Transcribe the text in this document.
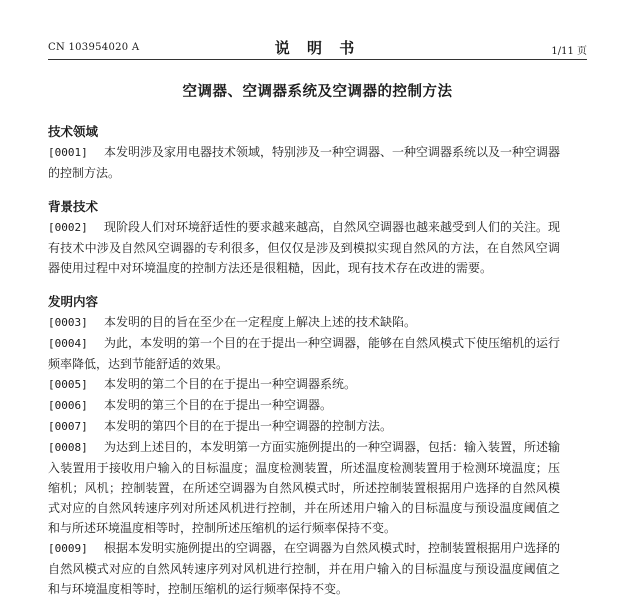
CN 103954020 A	说 明 书	1/11 页
空调器、空调器系统及空调器的控制方法
技术领域
[0001] 本发明涉及家用电器技术领域，特别涉及一种空调器、一种空调器系统以及一种空调器的控制方法。
背景技术
[0002] 现阶段人们对环境舒适性的要求越来越高，自然风空调器也越来越受到人们的关注。现有技术中涉及自然风空调器的专利很多，但仅仅是涉及到模拟实现自然风的方法，在自然风空调器使用过程中对环境温度的控制方法还是很粗糙，因此，现有技术存在改进的需要。
发明内容
[0003] 本发明的目的旨在至少在一定程度上解决上述的技术缺陷。
[0004] 为此，本发明的第一个目的在于提出一种空调器，能够在自然风模式下使压缩机的运行频率降低，达到节能舒适的效果。
[0005] 本发明的第二个目的在于提出一种空调器系统。
[0006] 本发明的第三个目的在于提出一种空调器。
[0007] 本发明的第四个目的在于提出一种空调器的控制方法。
[0008] 为达到上述目的，本发明第一方面实施例提出的一种空调器，包括：输入装置，所述输入装置用于接收用户输入的目标温度；温度检测装置，所述温度检测装置用于检测环境温度；压缩机；风机；控制装置，在所述空调器为自然风模式时，所述控制装置根据用户选择的自然风模式对应的自然风转速序列对所述风机进行控制，并在所述用户输入的目标温度与预设温度阈值之和与所述环境温度相等时，控制所述压缩机的运行频率保持不变。
[0009] 根据本发明实施例提出的空调器，在空调器为自然风模式时，控制装置根据用户选择的自然风模式对应的自然风转速序列对风机进行控制，并在用户输入的目标温度与预设温度阈值之和与环境温度相等时，控制压缩机的运行频率保持不变。
